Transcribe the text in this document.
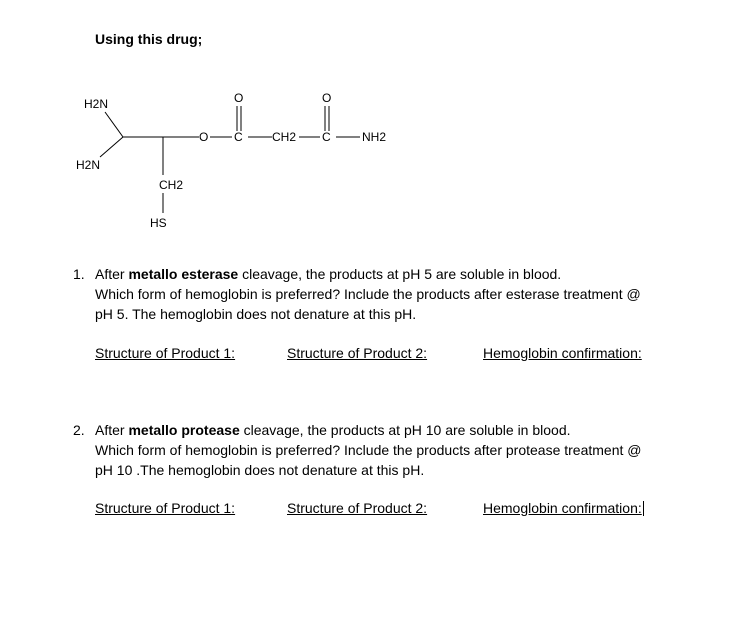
Using this drug;
H2N
H2N
O
O
C CH2
O
C	NH2
CH2
HS
1. After metallo esterase cleavage, the products at pH 5 are soluble in blood.
Which form of hemoglobin is preferred? Include the products after esterase treatment @
pH 5. The hemoglobin does not denature at this pH.
Structure of Product 1:	Structure of Product 2:	Hemoglobin confirmation:
2. After metallo protease cleavage, the products at pH 10 are soluble in blood.
Which form of hemoglobin is preferred? Include the products after protease treatment @
pH 10 .The hemoglobin does not denature at this pH.
Structure of Product 1:	Structure of Product 2:	Hemoglobin confirmation:
